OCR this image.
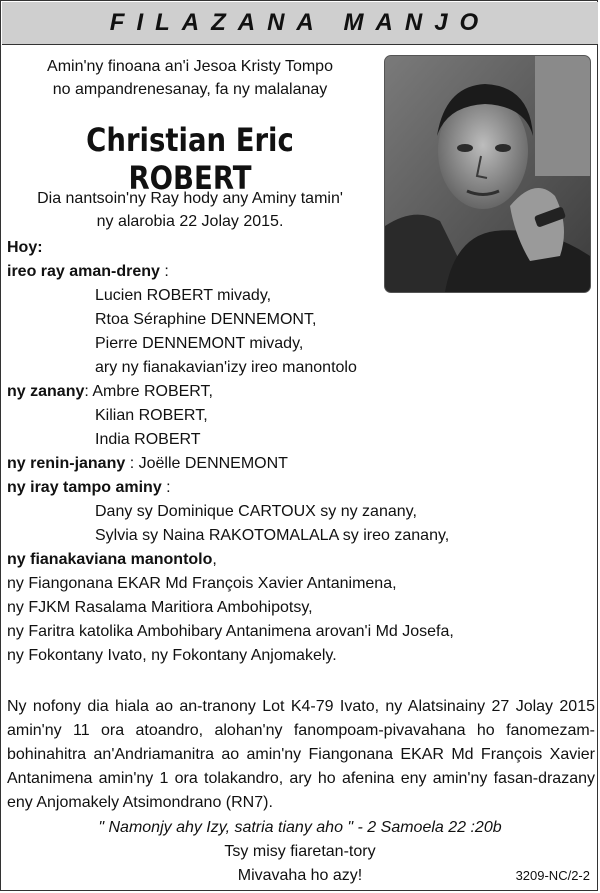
FILAZANA MANJO
Amin'ny finoana an'i Jesoa Kristy Tompo
no ampandrenesanay, fa ny malalanay
Christian Eric ROBERT
Dia nantsoin'ny Ray hody any Aminy tamin'
ny alarobia 22 Jolay 2015.
Hoy:
ireo ray aman-dreny :
Lucien ROBERT mivady,
Rtoa Séraphine DENNEMONT,
Pierre DENNEMONT mivady,
ary ny fianakavian'izy ireo manontolo
ny zanany: Ambre ROBERT,
Kilian ROBERT,
India ROBERT
ny renin-janany : Joëlle DENNEMONT
ny iray tampo aminy :
Dany sy Dominique CARTOUX sy ny zanany,
Sylvia sy Naina RAKOTOMALALA sy ireo zanany,
ny fianakaviana manontolo,
ny Fiangonana EKAR Md François Xavier Antanimena,
ny FJKM Rasalama Maritiora Ambohipotsy,
ny Faritra katolika Ambohibary Antanimena arovan'i Md Josefa,
ny Fokontany Ivato, ny Fokontany Anjomakely.
Ny nofony dia hiala ao an-tranony Lot K4-79 Ivato, ny Alatsinainy 27 Jolay 2015 amin'ny 11 ora atoandro, alohan'ny fanompoam-pivavahana ho fanomezam-bohinahitra an'Andriamanitra ao amin'ny Fiangonana EKAR Md François Xavier Antanimena amin'ny 1 ora tolakandro, ary ho afenina eny amin'ny fasan-drazany eny Anjomakely Atsimondrano (RN7).
" Namonjy ahy Izy, satria tiany aho " - 2 Samoela 22 :20b
Tsy misy fiaretan-tory
Mivavaha ho azy!	3209-NC/2-2
